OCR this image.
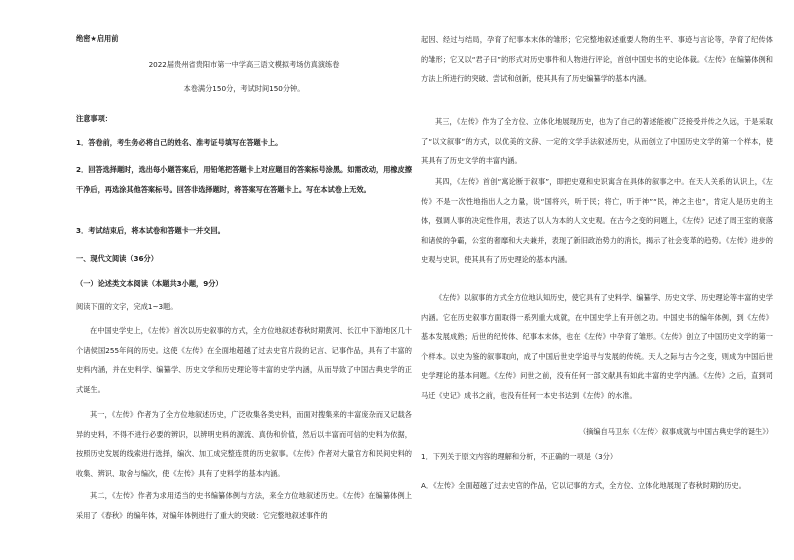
绝密★启用前
2022届贵州省贵阳市第一中学高三语文模拟考场仿真演练卷
本卷满分150分，考试时间150分钟。
注意事项：
1．答卷前，考生务必将自己的姓名、准考证号填写在答题卡上。

2．回答选择题时，选出每小题答案后，用铅笔把答题卡上对应题目的答案标号涂黑。如需改动，用橡皮擦干净后，再选涂其他答案标号。回答非选择题时，将答案写在答题卡上。写在本试卷上无效。

3．考试结束后，将本试卷和答题卡一并交回。
一、现代文阅读（36分）
（一）论述类文本阅读（本题共3小题，9分）
阅读下面的文字，完成1~3题。

在中国史学史上，《左传》首次以历史叙事的方式，全方位地叙述春秋时期黄河、长江中下游地区几十个诸侯国255年间的历史。这使《左传》在全面地超越了过去史官片段的记言、记事作品，具有了丰富的史料内涵，并在史料学、编纂学、历史文学和历史理论等丰富的史学内涵，从而导致了中国古典史学的正式诞生。

其一，《左传》作者为了全方位地叙述历史，广泛收集各类史料，而面对搜集来的丰富庞杂而又记载各异的史料，不得不进行必要的辨识，以辨明史料的源流、真伪和价值，然后以丰富而可信的史料为依据，按照历史发展的线索进行选择，编次、加工成完整连贯的历史叙事。《左传》作者对大量官方和民间史料的收集、辨识、取舍与编次，使《左传》具有了史料学的基本内涵。

其二，《左传》作者为求用适当的史书编纂体例与方法，来全方位地叙述历史。《左传》在编纂体例上采用了《春秋》的编年体，对编年体例进行了重大的突破：它完整地叙述事件的

起因、经过与结局，孕育了纪事本末体的雏形；它完整地叙述重要人物的生平、事迹与言论等，孕育了纪传体的雏形；它又以“君子曰”的形式对历史事件和人物进行评论，首创中国史书的史论体裁。《左传》在编纂体例和方法上所进行的突破、尝试和创新，使其具有了历史编纂学的基本内涵。

其三，《左传》作为了全方位、立体化地展现历史，也为了自己的著述能被广泛接受并传之久远，于是采取了“以文叙事”的方式，以优美的文辞、一定的文学手法叙述历史，从而创立了中国历史文学的第一个样本，使其具有了历史文学的丰富内涵。

其四，《左传》首创“寓论断于叙事”，即把史观和史识寓含在具体的叙事之中。在天人关系的认识上，《左传》不是一次性地指出人之力量，说“国将兴，听于民；将亡，听于神”“民，神之主也”，肯定人是历史的主体，强调人事的决定性作用，表达了以人为本的人文史观。在古今之变的问题上，《左传》记述了周王室的衰落和诸侯的争霸，公室的奢靡和大夫兼并，表现了新旧政治势力的消长，揭示了社会变革的趋势。《左传》进步的史观与史识，使其具有了历史理论的基本内涵。

《左传》以叙事的方式全方位地认知历史，使它具有了史料学、编纂学、历史文学、历史理论等丰富的史学内涵。它在历史叙事方面取得一系列重大成就，在中国史学上有开创之功。中国史书的编年体例，到《左传》基本发展成熟；后世的纪传体、纪事本末体，也在《左传》中孕育了雏形。《左传》创立了中国历史文学的第一个样本。以史为鉴的叙事取向，成了中国后世史学追寻与发展的传统。天人之际与古今之变，则成为中国后世史学理论的基本问题。《左传》问世之前，没有任何一部文献具有如此丰富的史学内涵。《左传》之后，直到司马迁《史记》成书之前，也没有任何一本史书达到《左传》的水准。

（摘编自马卫东《〈左传〉叙事成就与中国古典史学的诞生》）
1．下列关于原文内容的理解和分析，不正确的一项是（3分）

A．《左传》全面超越了过去史官的作品，它以记事的方式，全方位、立体化地展现了春秋时期的历史。
